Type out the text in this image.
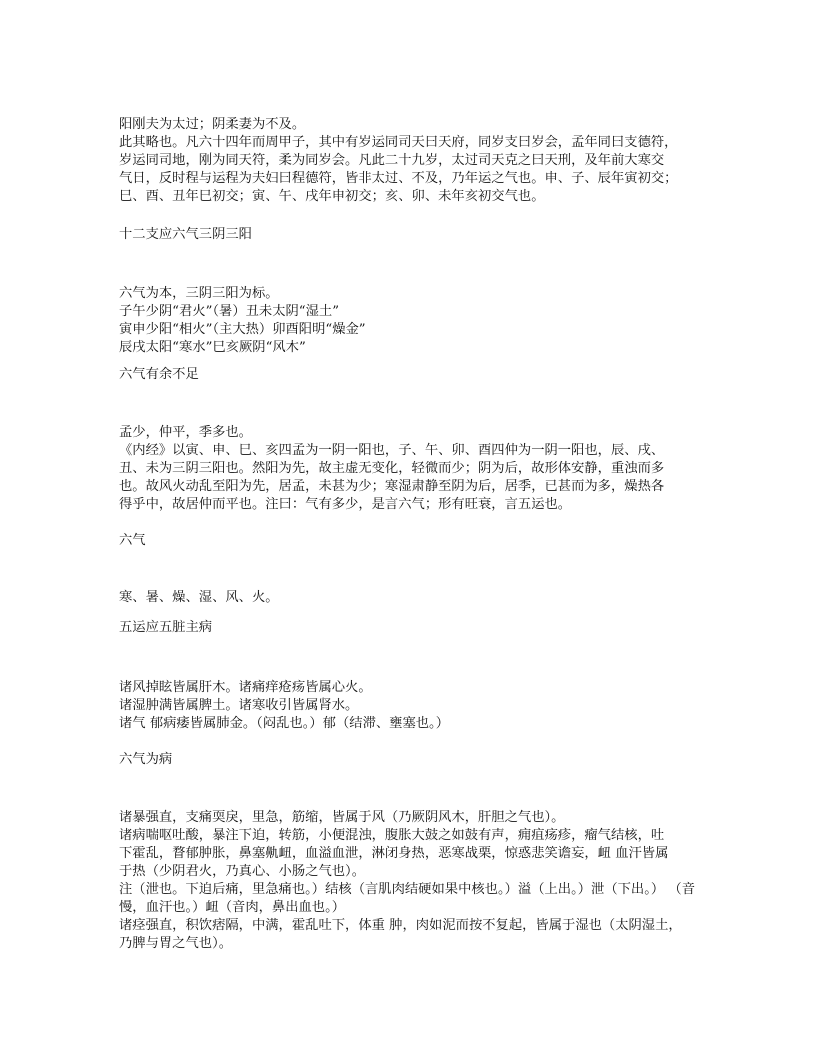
阳刚夫为太过；阴柔妻为不及。
此其略也。凡六十四年而周甲子，其中有岁运同司天曰天府，同岁支曰岁会，孟年同曰支德符，
岁运同司地，刚为同天符，柔为同岁会。凡此二十九岁，太过司天克之曰天刑，及年前大寒交
气日，反时程与运程为夫妇曰程德符，皆非太过、不及，乃年运之气也。申、子、辰年寅初交；
巳、酉、丑年巳初交；寅、午、戌年申初交；亥、卯、未年亥初交气也。
十二支应六气三阴三阳
六气为本，三阴三阳为标。
子午少阴“君火”（暑）丑未太阴“湿土”
寅申少阳“相火”（主大热）卯酉阳明“燥金”
辰戌太阳“寒水”巳亥厥阴“风木”
六气有余不足
孟少，仲平，季多也。
《内经》以寅、申、巳、亥四孟为一阴一阳也，子、午、卯、酉四仲为一阴一阳也，辰、戌、
丑、未为三阴三阳也。然阳为先，故主虚无变化，轻微而少；阴为后，故形体安静，重浊而多
也。故风火动乱至阳为先，居孟，未甚为少；寒湿肃静至阴为后，居季，已甚而为多，燥热各
得乎中，故居仲而平也。注曰：气有多少，是言六气；形有旺衰，言五运也。
六气
寒、暑、燥、湿、风、火。
五运应五脏主病
诸风掉眩皆属肝木。诸痛痒疮疡皆属心火。
诸湿肿满皆属脾土。诸寒收引皆属肾水。
诸气 郁病痿皆属肺金。（闷乱也。）郁（结滞、壅塞也。）
六气为病
诸暴强直，支痛耎戾，里急，筋缩，皆属于风（乃厥阴风木，肝胆之气也）。
诸病喘呕吐酸，暴注下迫，转筋，小便混浊，腹胀大鼓之如鼓有声，痈疽疡疹，瘤气结核，吐
下霍乱，瞀郁肿胀，鼻塞鼽衄，血溢血泄，淋闭身热，恶寒战栗，惊惑悲笑谵妄，衄 血汗皆属
于热（少阴君火，乃真心、小肠之气也）。
注（泄也。下迫后痛，里急痛也。）结核（言肌肉结硬如果中核也。）溢（上出。）泄（下出。） （音
慢，血汗也。）衄（音肉，鼻出血也。）
诸痉强直，积饮痞隔，中满，霍乱吐下，体重 肿，肉如泥而按不复起，皆属于湿也（太阴湿土，
乃脾与胃之气也）。
